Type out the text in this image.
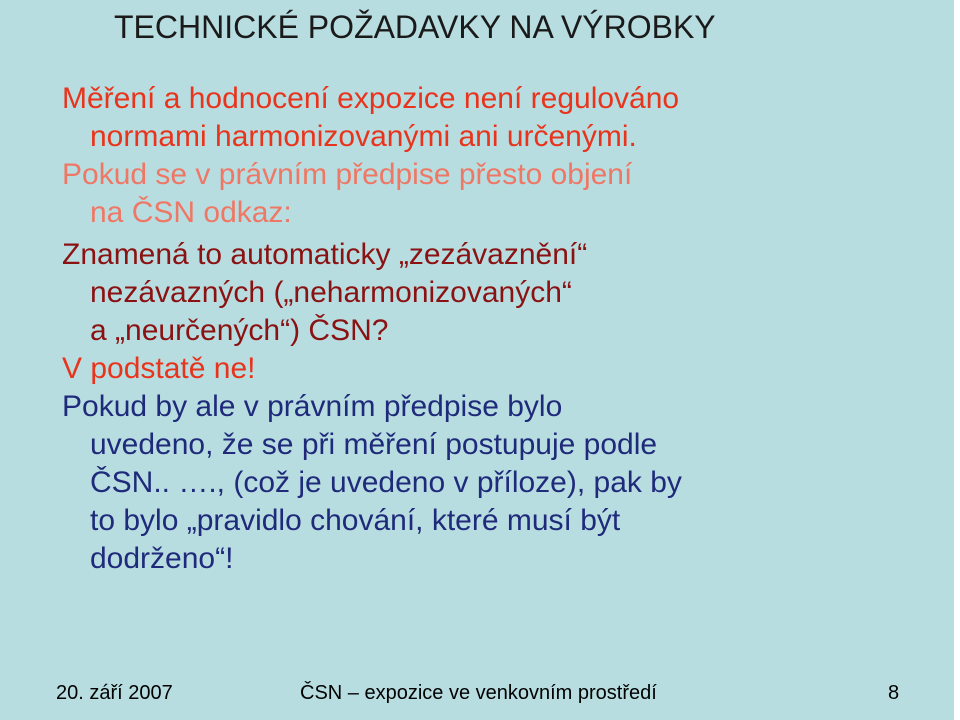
TECHNICKÉ POŽADAVKY NA VÝROBKY
Měření a hodnocení expozice není regulováno
normami harmonizovanými ani určenými.
Pokud se v právním předpise přesto objení
na ČSN odkaz:
Znamená to automaticky „zezávaznění“
nezávazných („neharmonizovaných“
a „neurčených“) ČSN?
V podstatě ne!
Pokud by ale v právním předpise bylo
uvedeno, že se při měření postupuje podle
ČSN.. …., (což je uvedeno v příloze), pak by
to bylo „pravidlo chování, které musí být
dodrženo“!
20. září 2007	ČSN – expozice ve venkovním prostředí	8
